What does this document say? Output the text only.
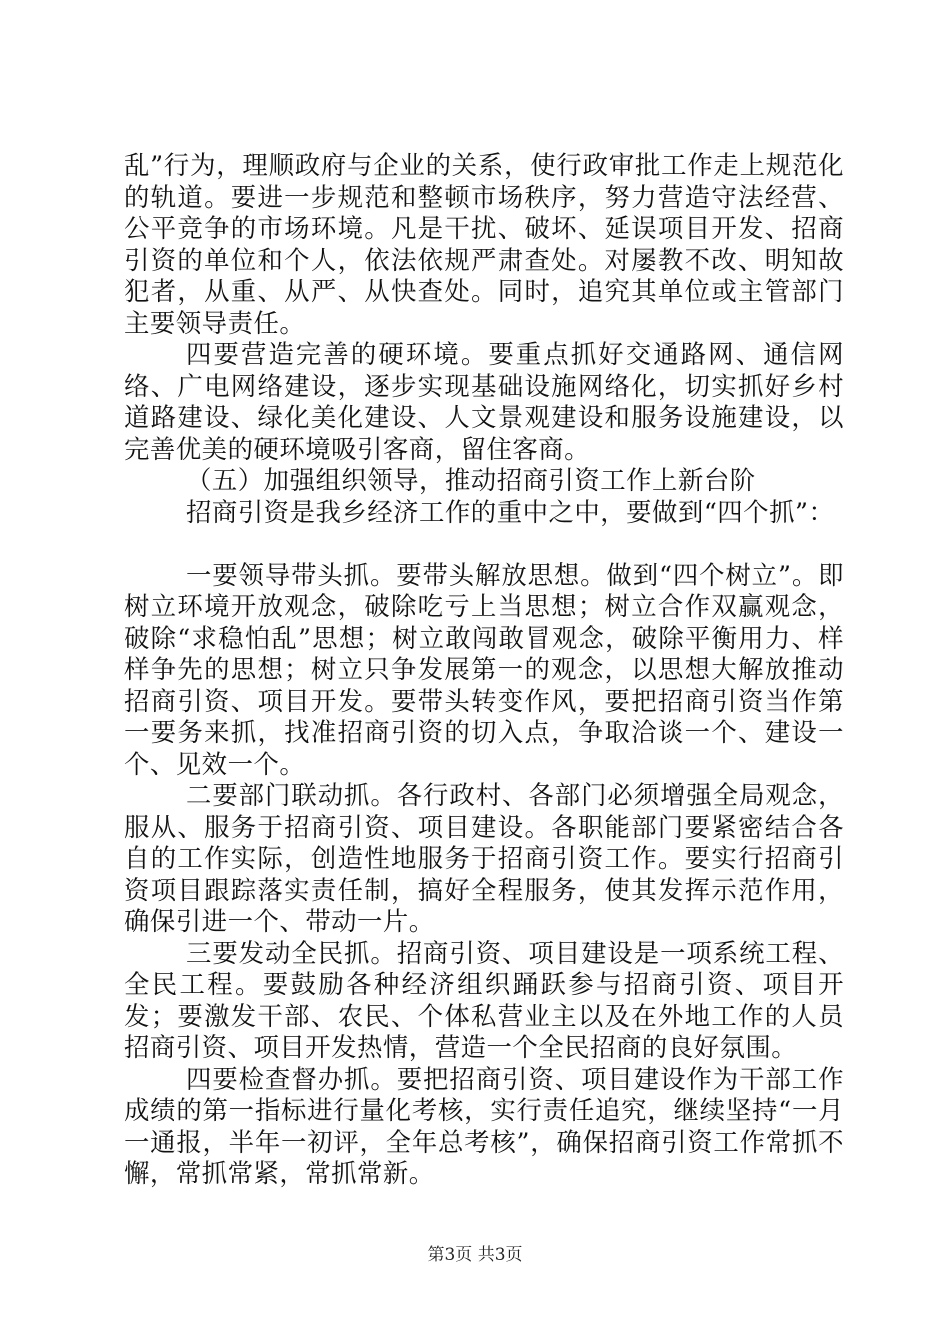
乱”行为，理顺政府与企业的关系，使行政审批工作走上规范化的轨道。要进一步规范和整顿市场秩序，努力营造守法经营、公平竞争的市场环境。凡是干扰、破坏、延误项目开发、招商引资的单位和个人，依法依规严肃查处。对屡教不改、明知故犯者，从重、从严、从快查处。同时，追究其单位或主管部门主要领导责任。

四要营造完善的硬环境。要重点抓好交通路网、通信网络、广电网络建设，逐步实现基础设施网络化，切实抓好乡村道路建设、绿化美化建设、人文景观建设和服务设施建设，以完善优美的硬环境吸引客商，留住客商。

（五）加强组织领导，推动招商引资工作上新台阶

招商引资是我乡经济工作的重中之中，要做到“四个抓”：

一要领导带头抓。要带头解放思想。做到“四个树立”。即树立环境开放观念，破除吃亏上当思想；树立合作双赢观念，破除“求稳怕乱”思想；树立敢闯敢冒观念，破除平衡用力、样样争先的思想；树立只争发展第一的观念，以思想大解放推动招商引资、项目开发。要带头转变作风，要把招商引资当作第一要务来抓，找准招商引资的切入点，争取洽谈一个、建设一个、见效一个。

二要部门联动抓。各行政村、各部门必须增强全局观念，服从、服务于招商引资、项目建设。各职能部门要紧密结合各自的工作实际，创造性地服务于招商引资工作。要实行招商引资项目跟踪落实责任制，搞好全程服务，使其发挥示范作用，确保引进一个、带动一片。

三要发动全民抓。招商引资、项目建设是一项系统工程、全民工程。要鼓励各种经济组织踊跃参与招商引资、项目开发；要激发干部、农民、个体私营业主以及在外地工作的人员招商引资、项目开发热情，营造一个全民招商的良好氛围。

四要检查督办抓。要把招商引资、项目建设作为干部工作成绩的第一指标进行量化考核，实行责任追究，继续坚持“一月一通报，半年一初评，全年总考核”，确保招商引资工作常抓不懈，常抓常紧，常抓常新。

第3页 共3页
